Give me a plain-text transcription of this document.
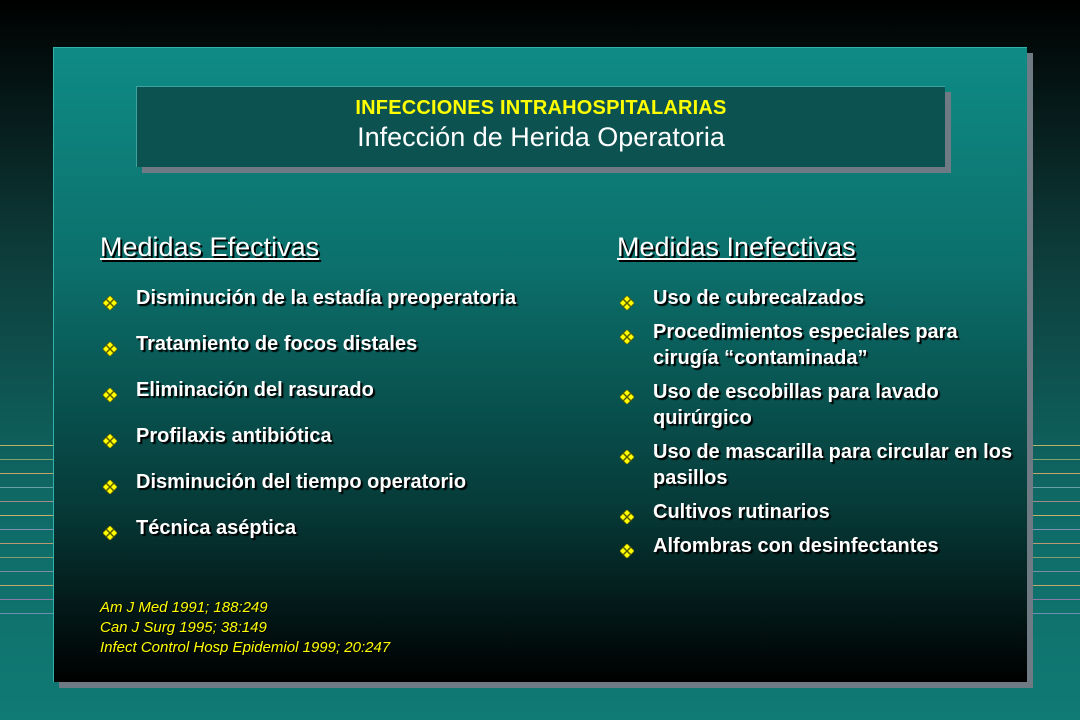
INFECCIONES INTRAHOSPITALARIAS
Infección de Herida Operatoria
Medidas Efectivas
Disminución de la estadía preoperatoria
Tratamiento de focos distales
Eliminación del rasurado
Profilaxis antibiótica
Disminución del tiempo operatorio
Técnica aséptica
Medidas Inefectivas
Uso de cubrecalzados
Procedimientos especiales para cirugía “contaminada”
Uso de escobillas para lavado quirúrgico
Uso de mascarilla para circular en los pasillos
Cultivos rutinarios
Alfombras con desinfectantes
Am J Med 1991; 188:249
Can J Surg 1995; 38:149
Infect Control Hosp Epidemiol 1999; 20:247
